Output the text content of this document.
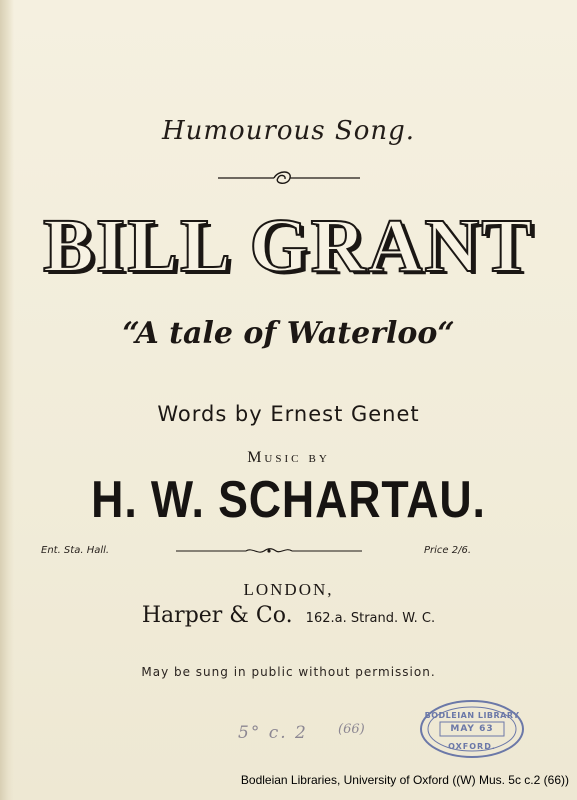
Humourous Song.
BILL GRANT
“A tale of Waterloo“
Words by Ernest Genet
Music by
H. W. SCHARTAU.
Ent. Sta. Hall.	Price 2/6.
LONDON,
Harper & Co. 162.a. Strand. W. C.
May be sung in public without permission.
5° c. 2 (66)
BODLEIAN LIBRARY
MAY 63
OXFORD.
Bodleian Libraries, University of Oxford ((W) Mus. 5c c.2 (66))
